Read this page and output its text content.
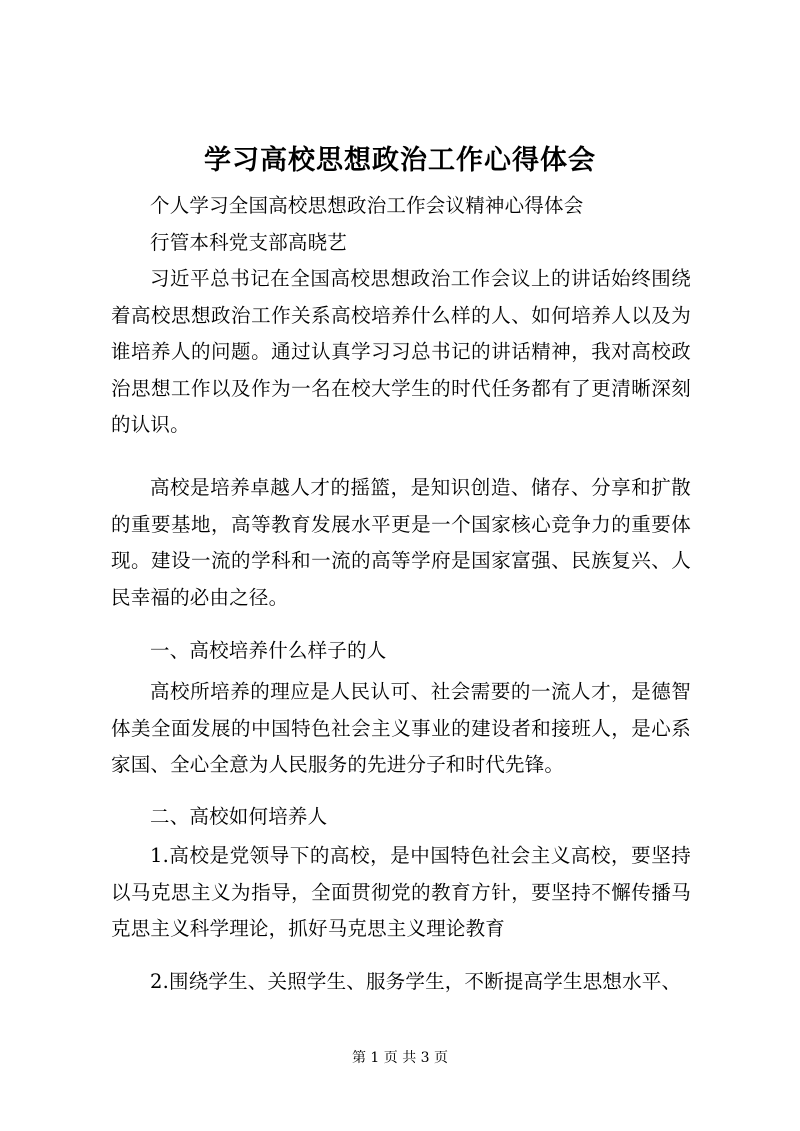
学习高校思想政治工作心得体会

个人学习全国高校思想政治工作会议精神心得体会

行管本科党支部高晓艺

习近平总书记在全国高校思想政治工作会议上的讲话始终围绕着高校思想政治工作关系高校培养什么样的人、如何培养人以及为谁培养人的问题。通过认真学习习总书记的讲话精神，我对高校政治思想工作以及作为一名在校大学生的时代任务都有了更清晰深刻的认识。

高校是培养卓越人才的摇篮，是知识创造、储存、分享和扩散的重要基地，高等教育发展水平更是一个国家核心竞争力的重要体现。建设一流的学科和一流的高等学府是国家富强、民族复兴、人民幸福的必由之径。

一、高校培养什么样子的人

高校所培养的理应是人民认可、社会需要的一流人才，是德智体美全面发展的中国特色社会主义事业的建设者和接班人，是心系家国、全心全意为人民服务的先进分子和时代先锋。

二、高校如何培养人

1.高校是党领导下的高校，是中国特色社会主义高校，要坚持以马克思主义为指导，全面贯彻党的教育方针，要坚持不懈传播马克思主义科学理论，抓好马克思主义理论教育

2.围绕学生、关照学生、服务学生，不断提高学生思想水平、

第 1 页 共 3 页
